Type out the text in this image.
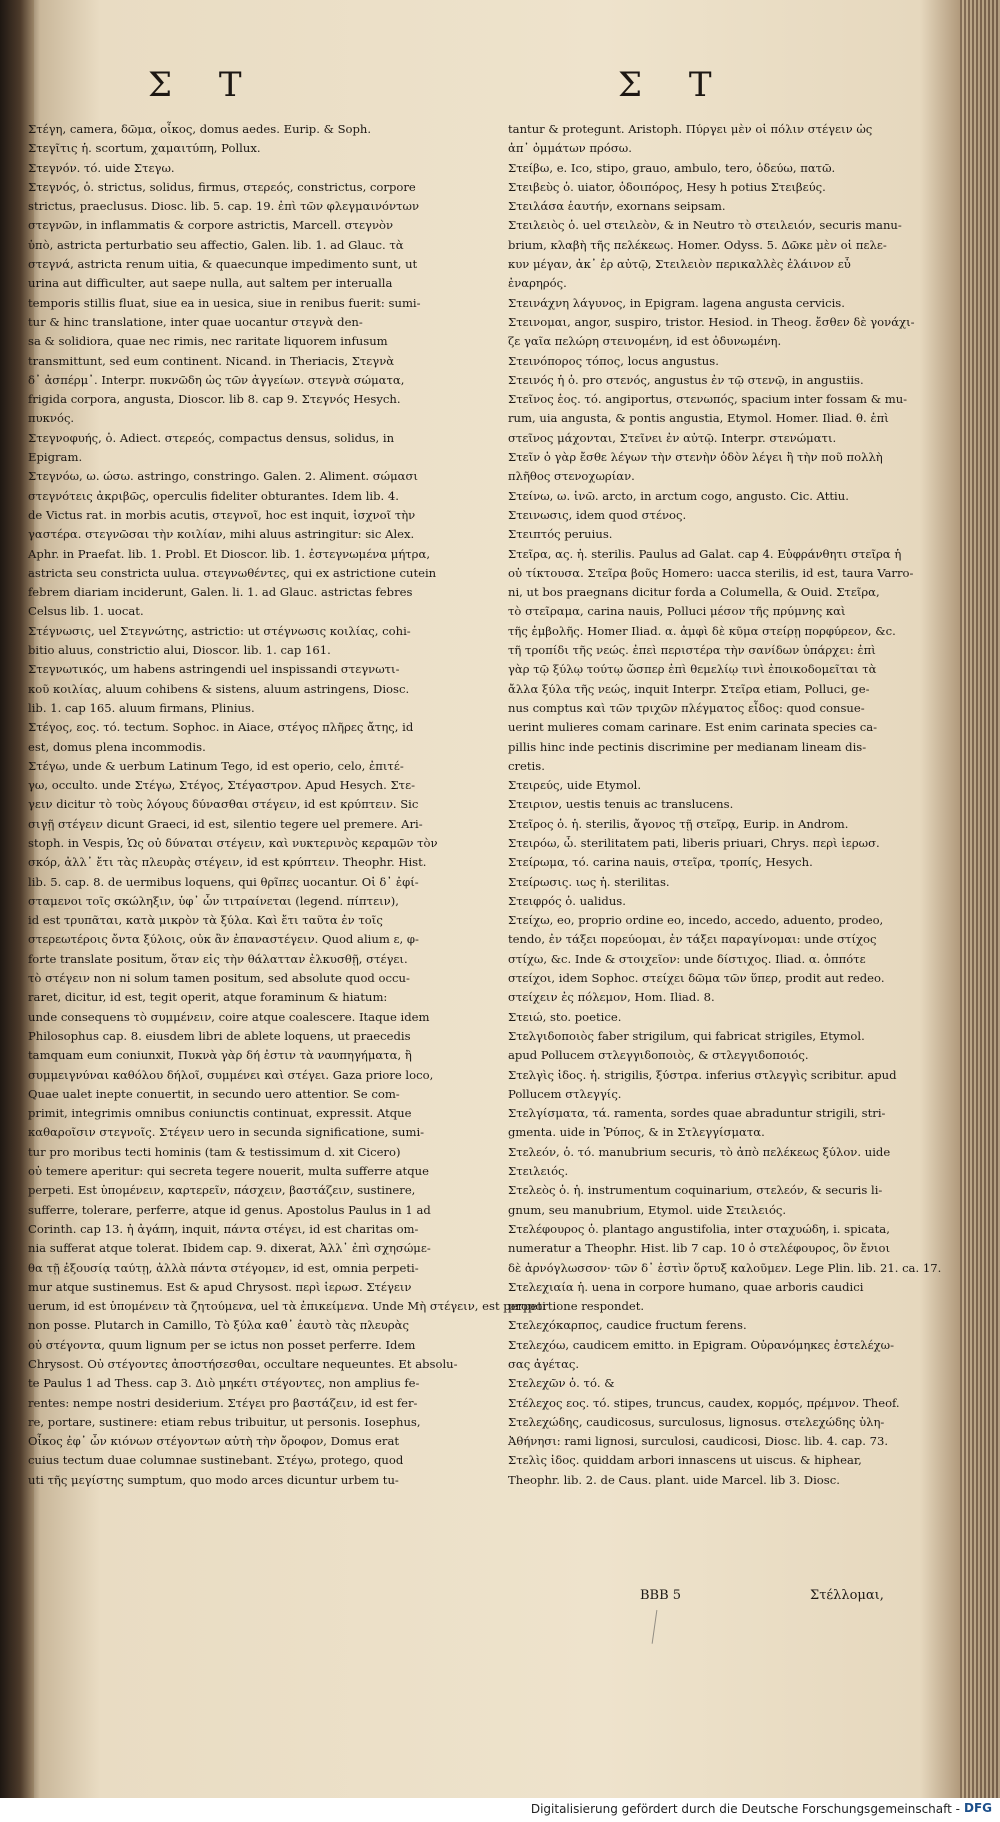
Σ Τ	Σ Τ
Στέγη, camera, δῶμα, οἶκος, domus aedes. Eurip. & Soph.
Στεγῖτις ἡ. scortum, χαμαιτύπη, Pollux.
Στεγνόν. τό. uide Στεγω.
Στεγνός, ὁ. strictus, solidus, firmus, στερεός, constrictus, corpore
strictus, praeclusus. Diosc. lib. 5. cap. 19. ἐπὶ τῶν φλεγμαινόντων
στεγνῶν, in inflammatis & corpore astrictis, Marcell. στεγνὸν
ὑπὸ, astricta perturbatio seu affectio, Galen. lib. 1. ad Glauc. τὰ
στεγνά, astricta renum uitia, & quaecunque impedimento sunt, ut
urina aut difficulter, aut saepe nulla, aut saltem per interualla
temporis stillis fluat, siue ea in uesica, siue in renibus fuerit: sumi-
tur & hinc translatione, inter quae uocantur στεγνὰ den-
sa & solidiora, quae nec rimis, nec raritate liquorem infusum
transmittunt, sed eum continent. Nicand. in Theriacis, Στεγνὰ
δ᾽ ἀσπέρμ᾽. Interpr. πυκνῶδη ὡς τῶν ἀγγείων. στεγνὰ σώματα,
frigida corpora, angusta, Dioscor. lib 8. cap 9. Στεγνός Hesych.
πυκνός.
Στεγνοφυής, ὁ. Adiect. στερεός, compactus densus, solidus, in
Epigram.
Στεγνόω, ω. ώσω. astringo, constringo. Galen. 2. Aliment. σώμασι
στεγνότεις ἀκριβῶς, operculis fideliter obturantes. Idem lib. 4.
de Victus rat. in morbis acutis, στεγνοῖ, hoc est inquit, ἰσχνοῖ τὴν
γαστέρα. στεγνῶσαι τὴν κοιλίαν, mihi aluus astringitur: sic Alex.
Aphr. in Praefat. lib. 1. Probl. Et Dioscor. lib. 1. ἐστεγνωμένα μήτρα,
astricta seu constricta uulua. στεγνωθέντες, qui ex astrictione cutein
febrem diariam inciderunt, Galen. li. 1. ad Glauc. astrictas febres
Celsus lib. 1. uocat.
Στέγνωσις, uel Στεγνώτης, astrictio: ut στέγνωσις κοιλίας, cohi-
bitio aluus, constrictio alui, Dioscor. lib. 1. cap 161.
Στεγνωτικός, um habens astringendi uel inspissandi στεγνωτι-
κοῦ κοιλίας, aluum cohibens & sistens, aluum astringens, Diosc.
lib. 1. cap 165. aluum firmans, Plinius.
Στέγος, εος. τό. tectum. Sophoc. in Aiace, στέγος πλῆρες ἄτης, id
est, domus plena incommodis.
Στέγω, unde & uerbum Latinum Tego, id est operio, celo, ἐπιτέ-
γω, occulto. unde Στέγω, Στέγος, Στέγαστρον. Apud Hesych. Στε-
γειν dicitur τὸ τοὺς λόγους δύνασθαι στέγειν, id est κρύπτειν. Sic
σιγῇ στέγειν dicunt Graeci, id est, silentio tegere uel premere. Ari-
stoph. in Vespis, Ὡς οὐ δύναται στέγειν, καὶ νυκτερινὸς κεραμῶν τὸν
σκόρ, ἀλλ᾽ ἔτι τὰς πλευρὰς στέγειν, id est κρύπτειν. Theophr. Hist.
lib. 5. cap. 8. de uermibus loquens, qui θρῖπες uocantur. Οἱ δ᾽ ἐφί-
σταμενοι τοῖς σκώληξιν, ὑφ᾽ ὧν τιτραίνεται (legend. πίπτειν),
id est τρυπᾶται, κατὰ μικρὸν τὰ ξύλα. Καὶ ἔτι ταῦτα ἐν τοῖς
στερεωτέροις ὄντα ξύλοις, οὐκ ἂν ἐπαναστέγειν. Quod alium ε, φ-
forte translate positum, ὅταν εἰς τὴν θάλατταν ἐλκυσθῇ, στέγει.
τὸ στέγειν non ni solum tamen positum, sed absolute quod occu-
raret, dicitur, id est, tegit operit, atque foraminum & hiatum:
unde consequens τὸ συμμένειν, coire atque coalescere. Itaque idem
Philosophus cap. 8. eiusdem libri de ablete loquens, ut praecedis
tamquam eum coniunxit, Πυκνὰ γὰρ δή ἐστιν τὰ ναυπηγήματα, ἢ
συμμειγνύναι καθόλου δήλοῖ, συμμένει καὶ στέγει. Gaza priore loco,
Quae ualet inepte conuertit, in secundo uero attentior. Se com-
primit, integrimis omnibus coniunctis continuat, expressit. Atque
καθαροῖσιν στεγνοῖς. Στέγειν uero in secunda significatione, sumi-
tur pro moribus tecti hominis (tam & testissimum d. xit Cicero)
οὐ temere aperitur: qui secreta tegere nouerit, multa sufferre atque
perpeti. Est ὑπομένειν, καρτερεῖν, πάσχειν, βαστάζειν, sustinere,
sufferre, tolerare, perferre, atque id genus. Apostolus Paulus in 1 ad
Corinth. cap 13. ἡ ἀγάπη, inquit, πάντα στέγει, id est charitas om-
nia sufferat atque tolerat. Ibidem cap. 9. dixerat, Ἀλλ᾽ ἐπὶ σχησώμε-
θα τῇ ἐξουσίᾳ ταύτῃ, ἀλλὰ πάντα στέγομεν, id est, omnia perpeti-
mur atque sustinemus. Est & apud Chrysost. περὶ ἱερωσ. Στέγειν
uerum, id est ὑπομένειν τὰ ζητούμενα, uel τὰ ἐπικείμενα. Unde Μὴ στέγειν, est perpeti
non posse. Plutarch in Camillo, Τὸ ξύλα καθ᾽ ἑαυτὸ τὰς πλευρὰς
οὐ στέγοντα, quum lignum per se ictus non posset perferre. Idem
Chrysost. Οὐ στέγοντες ἀποστήσεσθαι, occultare nequeuntes. Et absolu-
te Paulus 1 ad Thess. cap 3. Διὸ μηκέτι στέγοντες, non amplius fe-
rentes: nempe nostri desiderium. Στέγει pro βαστάζειν, id est fer-
re, portare, sustinere: etiam rebus tribuitur, ut personis. Iosephus,
Οἶκος ἐφ᾽ ὧν κιόνων στέγοντων αὐτὴ τὴν ὄροφον, Domus erat
cuius tectum duae columnae sustinebant. Στέγω, protego, quod
uti τῆς μεγίστης sumptum, quo modo arces dicuntur urbem tu-
tantur & protegunt. Aristoph. Πύργει μὲν οἱ πόλιν στέγειν ὡς
ἀπ᾽ ὀμμάτων πρόσω.
Στείβω, e. Ico, stipo, grauo, ambulo, tero, ὁδεύω, πατῶ.
Στειβεὺς ὁ. uiator, ὁδοιπόρος, Hesy h potius Στειβεύς.
Στειλάσα ἑαυτήν, exornans seipsam.
Στειλειὸς ὁ. uel στειλεὸν, & in Neutro τὸ στειλειόν, securis manu-
brium, κλαβὴ τῆς πελέκεως. Homer. Odyss. 5. Δῶκε μὲν οἱ πελε-
κυν μέγαν, ἀκ᾽ ἐρ αὐτῷ, Στειλειὸν περικαλλὲς ἐλάινον εὖ
ἐναρηρός.
Στεινάχνη λάγυνος, in Epigram. lagena angusta cervicis.
Στεινομαι, angor, suspiro, tristor. Hesiod. in Theog. ἔσθεν δὲ γονάχι-
ζε γαῖα πελώρη στεινομένη, id est ὀδυνωμένη.
Στεινόπορος τόπος, locus angustus.
Στεινός ἡ ὁ. pro στενός, angustus ἐν τῷ στενῷ, in angustiis.
Στεῖνος ἑος. τό. angiportus, στενωπός, spacium inter fossam & mu-
rum, uia angusta, & pontis angustia, Etymol. Homer. Iliad. θ. ἐπὶ
στεῖνος μάχονται, Στεῖνει ἐν αὐτῷ. Interpr. στενώματι.
Στεῖν ὁ γὰρ ἔσθε λέγων τὴν στενὴν ὁδὸν λέγει ἢ τὴν ποῦ πολλὴ
πλῆθος στενοχωρίαν.
Στείνω, ω. ἰνῶ. arcto, in arctum cogo, angusto. Cic. Attiu.
Στεινωσις, idem quod στένος.
Στειπτός peruius.
Στεῖρα, ας. ἡ. sterilis. Paulus ad Galat. cap 4. Εὐφράνθητι στεῖρα ἡ
οὐ τίκτουσα. Στεῖρα βοῦς Homero: uacca sterilis, id est, taura Varro-
ni, ut bos praegnans dicitur forda a Columella, & Ouid. Στεῖρα,
τὸ στεῖραμα, carina nauis, Polluci μέσον τῆς πρύμνης καὶ
τῆς ἐμβολῆς. Homer Iliad. α. ἀμφὶ δὲ κῦμα στείρῃ πορφύρεον, &c.
τῆ τροπίδι τῆς νεώς. ἐπεὶ περιστέρα τὴν σανίδων ὑπάρχει: ἐπὶ
γὰρ τῷ ξύλῳ τούτῳ ὥσπερ ἐπὶ θεμελίῳ τινὶ ἐποικοδομεῖται τὰ
ἄλλα ξύλα τῆς νεώς, inquit Interpr. Στεῖρα etiam, Polluci, ge-
nus comptus καὶ τῶν τριχῶν πλέγματος εἶδος: quod consue-
uerint mulieres comam carinare. Est enim carinata species ca-
pillis hinc inde pectinis discrimine per medianam lineam dis-
cretis.
Στειρεύς, uide Etymol.
Στειριον, uestis tenuis ac translucens.
Στεῖρος ὁ. ἡ. sterilis, ἄγονος τῇ στεῖρᾳ, Eurip. in Androm.
Στειρόω, ὦ. sterilitatem pati, liberis priuari, Chrys. περὶ ἱερωσ.
Στείρωμα, τό. carina nauis, στεῖρα, τροπίς, Hesych.
Στείρωσις. ιως ἡ. sterilitas.
Στειφρός ὁ. ualidus.
Στείχω, eo, proprio ordine eo, incedo, accedo, aduento, prodeo,
tendo, ἐν τάξει πορεύομαι, ἐν τάξει παραγίνομαι: unde στίχος
στίχω, &c. Inde & στοιχεῖον: unde δίστιχος. Iliad. α. ὁππότε
στείχοι, idem Sophoc. στείχει δῶμα τῶν ὕπερ, prodit aut redeo.
στείχειν ἐς πόλεμον, Hom. Iliad. 8.
Στειώ, sto. poetice.
Στελγιδοποιὸς faber strigilum, qui fabricat strigiles, Etymol.
apud Pollucem στλεγγιδοποιὸς, & στλεγγιδοποιός.
Στελγὶς ἰδος. ἡ. strigilis, ξύστρα. inferius στλεγγὶς scribitur. apud
Pollucem στλεγγίς.
Στελγίσματα, τά. ramenta, sordes quae abraduntur strigili, stri-
gmenta. uide in Ῥύπος, & in Στλεγγίσματα.
Στελεόν, ὁ. τό. manubrium securis, τὸ ἀπὸ πελέκεως ξύλον. uide
Στειλειός.
Στελεὸς ὁ. ἡ. instrumentum coquinarium, στελεόν, & securis li-
gnum, seu manubrium, Etymol. uide Στειλειός.
Στελέφουρος ὁ. plantago angustifolia, inter σταχυώδη, i. spicata,
numeratur a Theophr. Hist. lib 7 cap. 10 ὁ στελέφουρος, ὃν ἔνιοι
δὲ ἀρνόγλωσσον· τῶν δ᾽ ἐστὶν ὅρτυξ καλοῦμεν. Lege Plin. lib. 21. ca. 17.
Στελεχιαία ἡ. uena in corpore humano, quae arboris caudici
proportione respondet.
Στελεχόκαρπος, caudice fructum ferens.
Στελεχόω, caudicem emitto. in Epigram. Οὐρανόμηκες ἐστελέχω-
σας ἀγέτας.
Στελεχῶν ὁ. τό. &
Στέλεχος εος. τό. stipes, truncus, caudex, κορμός, πρέμνον. Theof.
Στελεχώδης, caudicosus, surculosus, lignosus. στελεχώδης ὑλη-
Ἀθήνησι: rami lignosi, surculosi, caudicosi, Diosc. lib. 4. cap. 73.
Στελὶς ἰδος. quiddam arbori innascens ut uiscus. & hiphear,
Theophr. lib. 2. de Caus. plant. uide Marcel. lib 3. Diosc.
BBB 5	Στέλλομαι,
Digitalisierung gefördert durch die Deutsche Forschungsgemeinschaft - DFG
